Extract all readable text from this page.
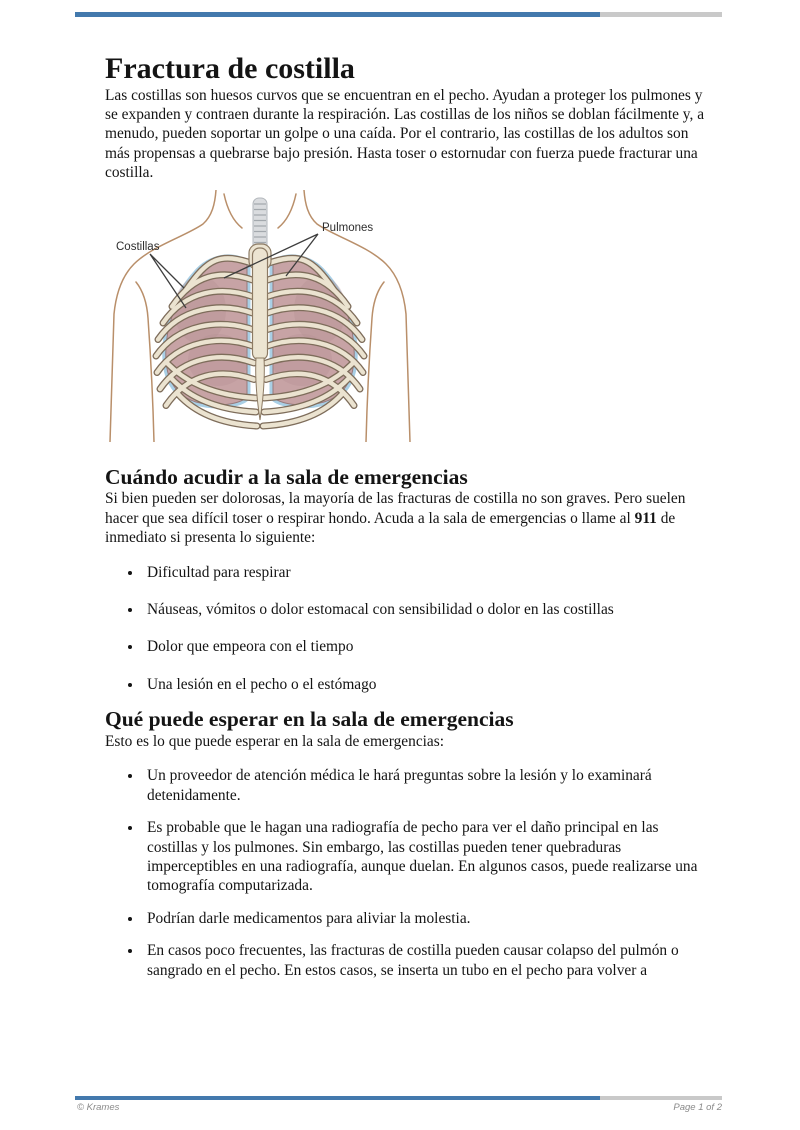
Fractura de costilla

Las costillas son huesos curvos que se encuentran en el pecho. Ayudan a proteger los pulmones y se expanden y contraen durante la respiración. Las costillas de los niños se doblan fácilmente y, a menudo, pueden soportar un golpe o una caída. Por el contrario, las costillas de los adultos son más propensas a quebrarse bajo presión. Hasta toser o estornudar con fuerza puede fracturar una costilla.

Costillas
Pulmones
Cuándo acudir a la sala de emergencias

Si bien pueden ser dolorosas, la mayoría de las fracturas de costilla no son graves. Pero suelen hacer que sea difícil toser o respirar hondo. Acuda a la sala de emergencias o llame al 911 de inmediato si presenta lo siguiente:

• Dificultad para respirar
• Náuseas, vómitos o dolor estomacal con sensibilidad o dolor en las costillas
• Dolor que empeora con el tiempo
• Una lesión en el pecho o el estómago
Qué puede esperar en la sala de emergencias

Esto es lo que puede esperar en la sala de emergencias:

• Un proveedor de atención médica le hará preguntas sobre la lesión y lo examinará detenidamente.
• Es probable que le hagan una radiografía de pecho para ver el daño principal en las costillas y los pulmones. Sin embargo, las costillas pueden tener quebraduras imperceptibles en una radiografía, aunque duelan. En algunos casos, puede realizarse una tomografía computarizada.
• Podrían darle medicamentos para aliviar la molestia.
• En casos poco frecuentes, las fracturas de costilla pueden causar colapso del pulmón o sangrado en el pecho. En estos casos, se inserta un tubo en el pecho para volver a
© Krames	Page 1 of 2
